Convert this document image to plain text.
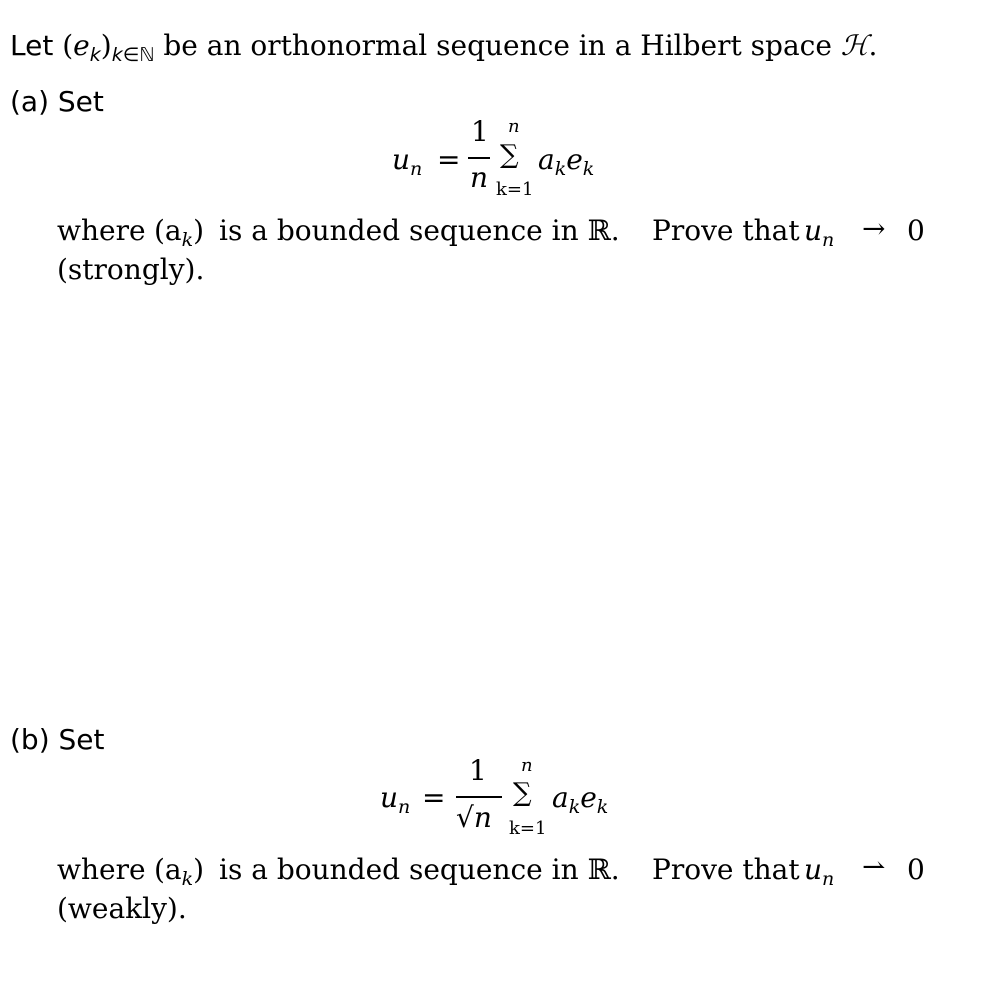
Let $(e_k)_{k\in ℕ}$ be an orthonormal sequence in a Hilbert space ℋ.
(a) Set
$u_n$ =
1
n
n
∑
k=1
$a_ke_k$
where $(a_k)$ is a bounded sequence in ℝ. Prove that $u_n \to 0$
(strongly).
(b) Set
$u_n$ =
1
√n
n
∑
k=1
$a_ke_k$
where $(a_k)$ is a bounded sequence in ℝ. Prove that $u_n$ ⇀ 0
(weakly).
